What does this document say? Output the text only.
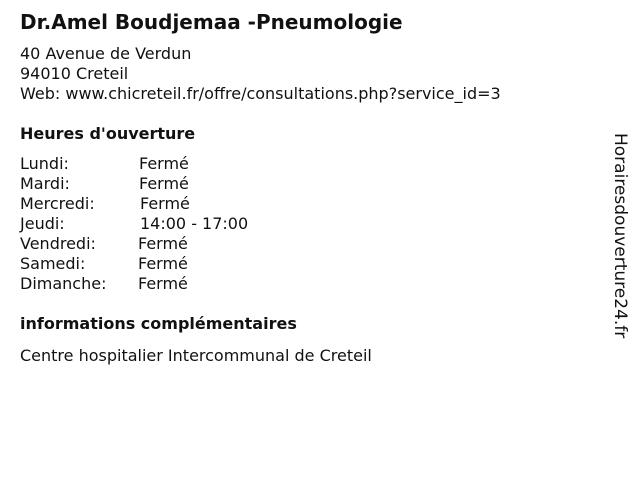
Dr.Amel Boudjemaa -Pneumologie
40 Avenue de Verdun
94010 Creteil
Web: www.chicreteil.fr/offre/consultations.php?service_id=3
Heures d'ouverture
Lundi:	Fermé
Mardi:	Fermé
Mercredi:	Fermé
Jeudi:	14:00 - 17:00
Vendredi:	Fermé
Samedi:	Fermé
Dimanche: Fermé
informations complémentaires
Centre hospitalier Intercommunal de Creteil
Horairesdouverture24.fr
